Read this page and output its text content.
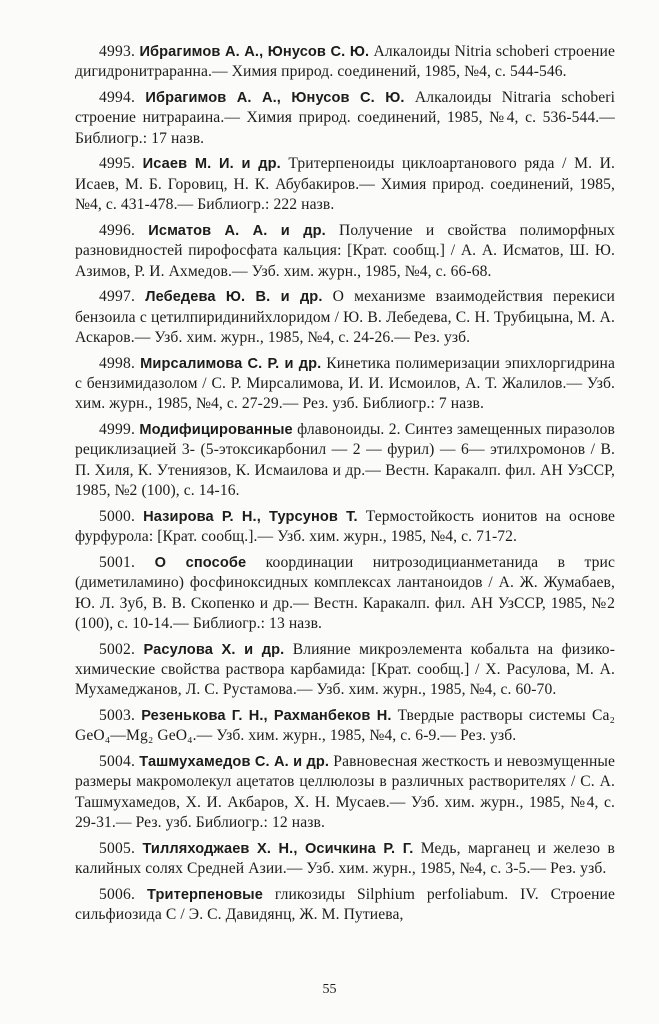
4993. Ибрагимов А. А., Юнусов С. Ю. Алкалоиды Nitria schoberi строение дигидронитраранна.— Химия природ. соединений, 1985, №4, с. 544-546.

4994. Ибрагимов А. А., Юнусов С. Ю. Алкалоиды Nitraria schoberi строение нитрараина.— Химия природ. соединений, 1985, №4, с. 536-544.— Библиогр.: 17 назв.

4995. Исаев М. И. и др. Тритерпеноиды циклоартанового ряда / М. И. Исаев, М. Б. Горовиц, Н. К. Абубакиров.— Химия природ. соединений, 1985, №4, с. 431-478.— Библиогр.: 222 назв.

4996. Исматов А. А. и др. Получение и свойства полиморфных разновидностей пирофосфата кальция: [Крат. сообщ.] / А. А. Исматов, Ш. Ю. Азимов, Р. И. Ахмедов.— Узб. хим. журн., 1985, №4, с. 66-68.

4997. Лебедева Ю. В. и др. О механизме взаимодействия перекиси бензоила с цетилпиридинийхлоридом / Ю. В. Лебедева, С. Н. Трубицына, М. А. Аскаров.— Узб. хим. журн., 1985, №4, с. 24-26.— Рез. узб.

4998. Мирсалимова С. Р. и др. Кинетика полимеризации эпихлоргидрина с бензимидазолом / С. Р. Мирсалимова, И. И. Исмоилов, А. Т. Жалилов.— Узб. хим. журн., 1985, №4, с. 27-29.— Рез. узб. Библиогр.: 7 назв.

4999. Модифицированные флавоноиды. 2. Синтез замещенных пиразолов рециклизацией 3- (5-этоксикарбонил — 2 — фурил) — 6— этилхромонов / В. П. Хиля, К. Утениязов, К. Исмаилова и др.— Вестн. Каракалп. фил. АН УзССР, 1985, №2 (100), с. 14-16.

5000. Назирова Р. Н., Турсунов Т. Термостойкость ионитов на основе фурфурола: [Крат. сообщ.].— Узб. хим. журн., 1985, №4, с. 71-72.

5001. О способе координации нитрозодицианметанида в трис (диметиламино) фосфиноксидных комплексах лантаноидов / А. Ж. Жумабаев, Ю. Л. Зуб, В. В. Скопенко и др.— Вестн. Каракалп. фил. АН УзССР, 1985, №2 (100), с. 10-14.— Библиогр.: 13 назв.

5002. Расулова Х. и др. Влияние микроэлемента кобальта на физико-химические свойства раствора карбамида: [Крат. сообщ.] / Х. Расулова, М. А. Мухамеджанов, Л. С. Рустамова.— Узб. хим. журн., 1985, №4, с. 60-70.

5003. Резенькова Г. Н., Рахманбеков Н. Твердые растворы системы Ca₂ GeO₄—Mg₂ GeO₄.— Узб. хим. журн., 1985, №4, с. 6-9.— Рез. узб.

5004. Ташмухамедов С. А. и др. Равновесная жесткость и невозмущенные размеры макромолекул ацетатов целлюлозы в различных растворителях / С. А. Ташмухамедов, Х. И. Акбаров, Х. Н. Мусаев.— Узб. хим. журн., 1985, №4, с. 29-31.— Рез. узб. Библиогр.: 12 назв.

5005. Тилляходжаев Х. Н., Осичкина Р. Г. Медь, марганец и железо в калийных солях Средней Азии.— Узб. хим. журн., 1985, №4, с. 3-5.— Рез. узб.

5006. Тритерпеновые гликозиды Silphium perfoliabum. IV. Строение сильфиозида С / Э. С. Давидянц, Ж. М. Путиева,

55
